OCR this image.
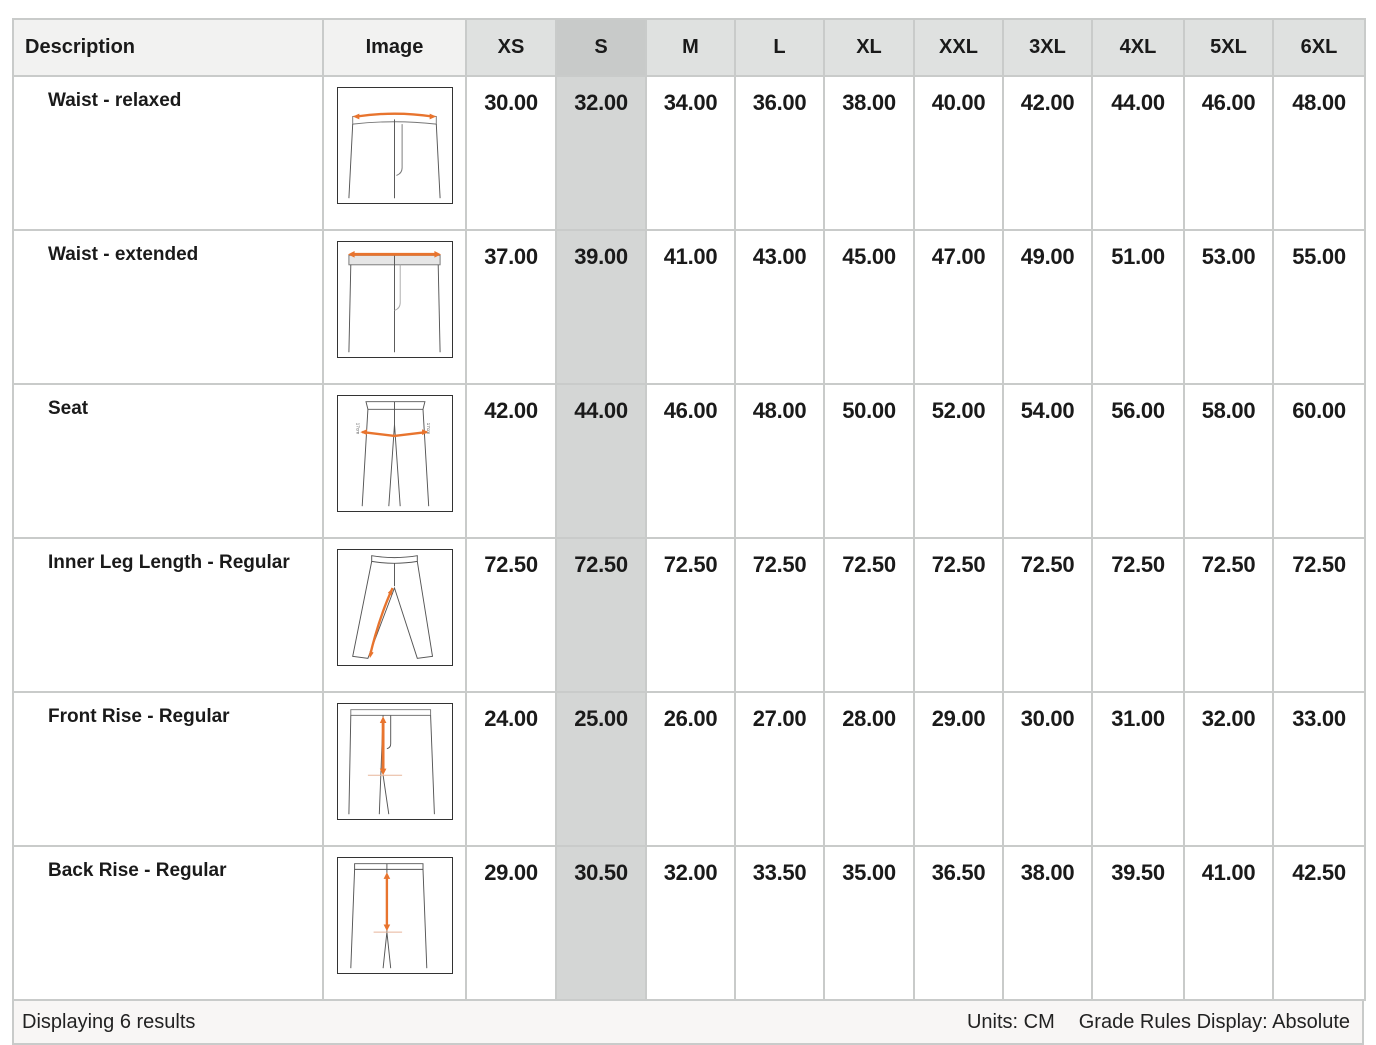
Description	Image	XS	S	M	L	XL	XXL	3XL	4XL	5XL	6XL
Waist - relaxed		30.00	32.00	34.00	36.00	38.00	40.00	42.00	44.00	46.00	48.00
Waist - extended		37.00	39.00	41.00	43.00	45.00	47.00	49.00	51.00	53.00	55.00
Seat	17cm 17cm	42.00	44.00	46.00	48.00	50.00	52.00	54.00	56.00	58.00	60.00
Inner Leg Length - Regular		72.50	72.50	72.50	72.50	72.50	72.50	72.50	72.50	72.50	72.50
Front Rise - Regular		24.00	25.00	26.00	27.00	28.00	29.00	30.00	31.00	32.00	33.00
Back Rise - Regular		29.00	30.50	32.00	33.50	35.00	36.50	38.00	39.50	41.00	42.50
Displaying 6 results	Units: CM Grade Rules Display: Absolute
